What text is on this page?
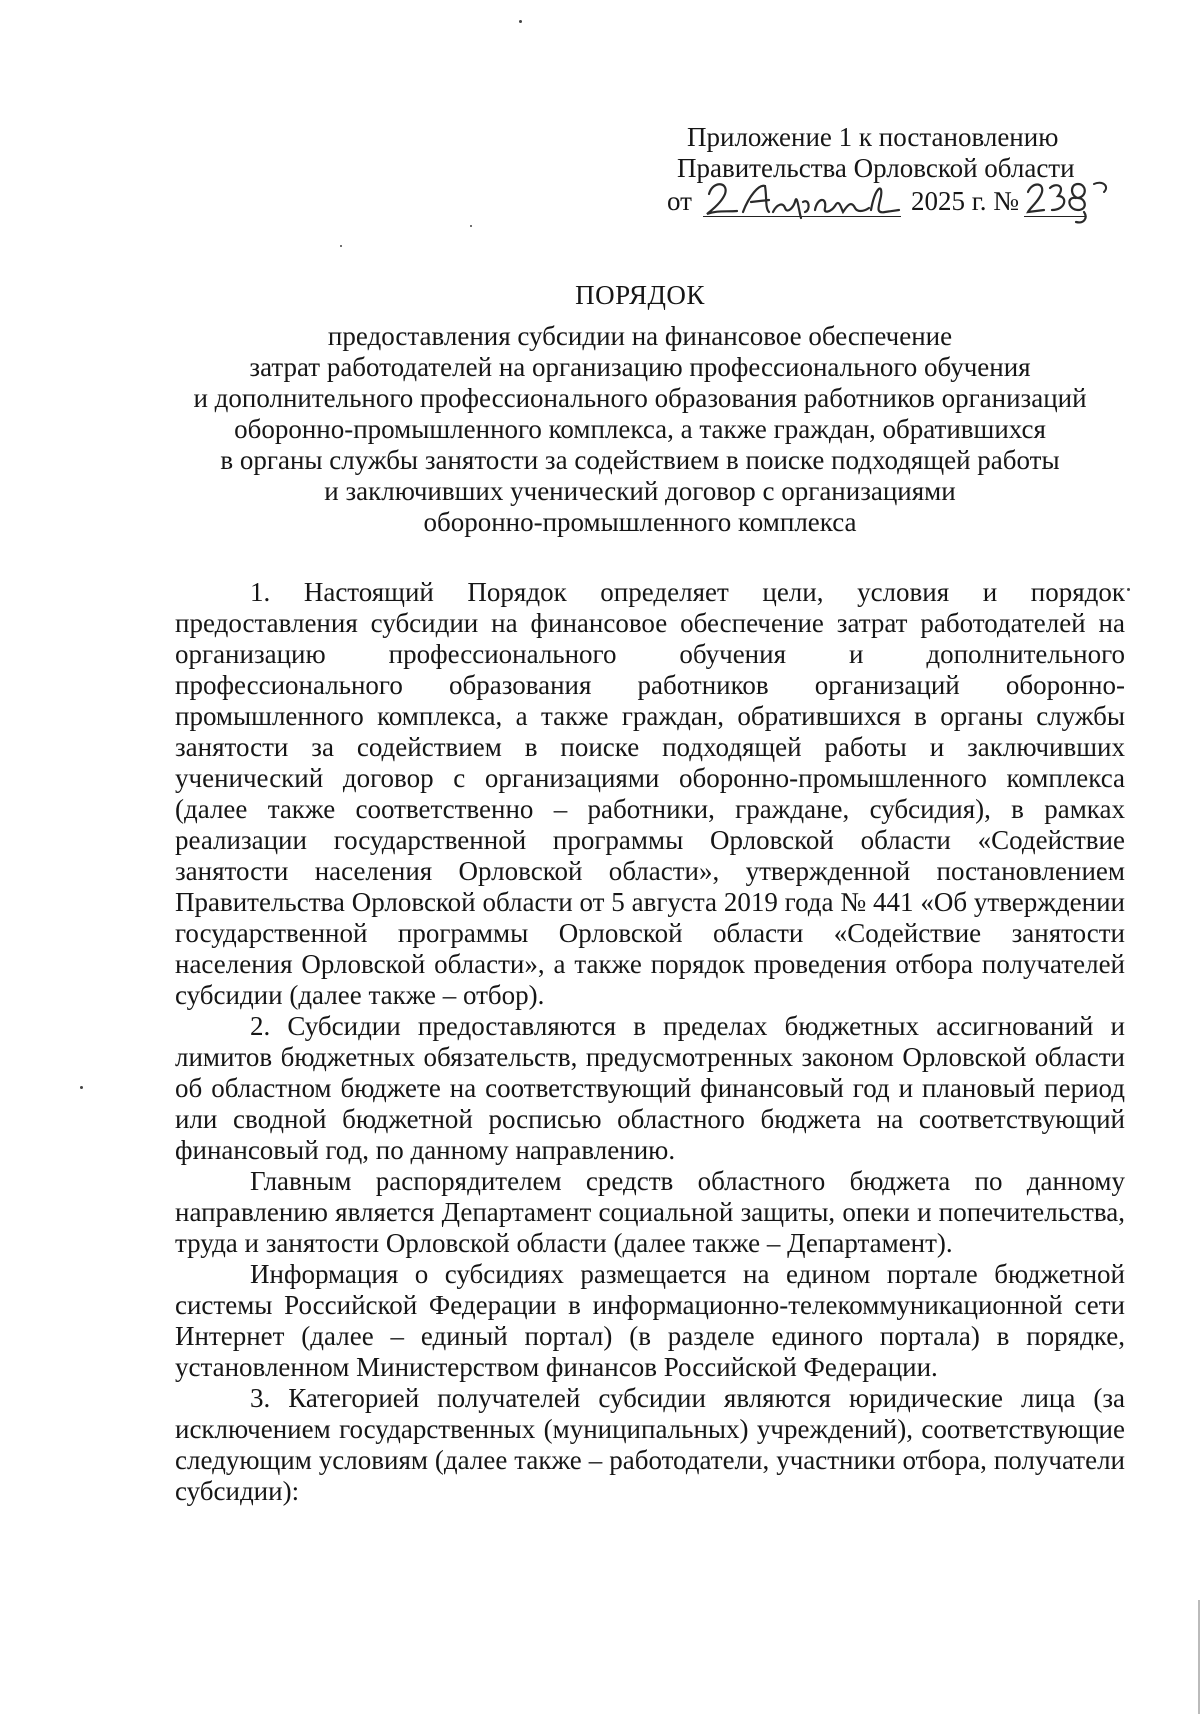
Приложение 1 к постановлению
Правительства Орловской области
от	2025 г. №
ПОРЯДОК
предоставления субсидии на финансовое обеспечение
затрат работодателей на организацию профессионального обучения
и дополнительного профессионального образования работников организаций
оборонно-промышленного комплекса, а также граждан, обратившихся
в органы службы занятости за содействием в поиске подходящей работы
и заключивших ученический договор с организациями
оборонно-промышленного комплекса

1. Настоящий Порядок определяет цели, условия и порядок предоставления субсидии на финансовое обеспечение затрат работодателей на организацию профессионального обучения и дополнительного профессионального образования работников организаций оборонно-промышленного комплекса, а также граждан, обратившихся в органы службы занятости за содействием в поиске подходящей работы и заключивших ученический договор с организациями оборонно-промышленного комплекса (далее также соответственно – работники, граждане, субсидия), в рамках реализации государственной программы Орловской области «Содействие занятости населения Орловской области», утвержденной постановлением Правительства Орловской области от 5 августа 2019 года № 441 «Об утверждении государственной программы Орловской области «Содействие занятости населения Орловской области», а также порядок проведения отбора получателей субсидии (далее также – отбор).

2. Субсидии предоставляются в пределах бюджетных ассигнований и лимитов бюджетных обязательств, предусмотренных законом Орловской области об областном бюджете на соответствующий финансовый год и плановый период или сводной бюджетной росписью областного бюджета на соответствующий финансовый год, по данному направлению.

Главным распорядителем средств областного бюджета по данному направлению является Департамент социальной защиты, опеки и попечительства, труда и занятости Орловской области (далее также – Департамент).

Информация о субсидиях размещается на едином портале бюджетной системы Российской Федерации в информационно-телекоммуникационной сети Интернет (далее – единый портал) (в разделе единого портала) в порядке, установленном Министерством финансов Российской Федерации.

3. Категорией получателей субсидии являются юридические лица (за исключением государственных (муниципальных) учреждений), соответствующие следующим условиям (далее также – работодатели, участники отбора, получатели субсидии):
